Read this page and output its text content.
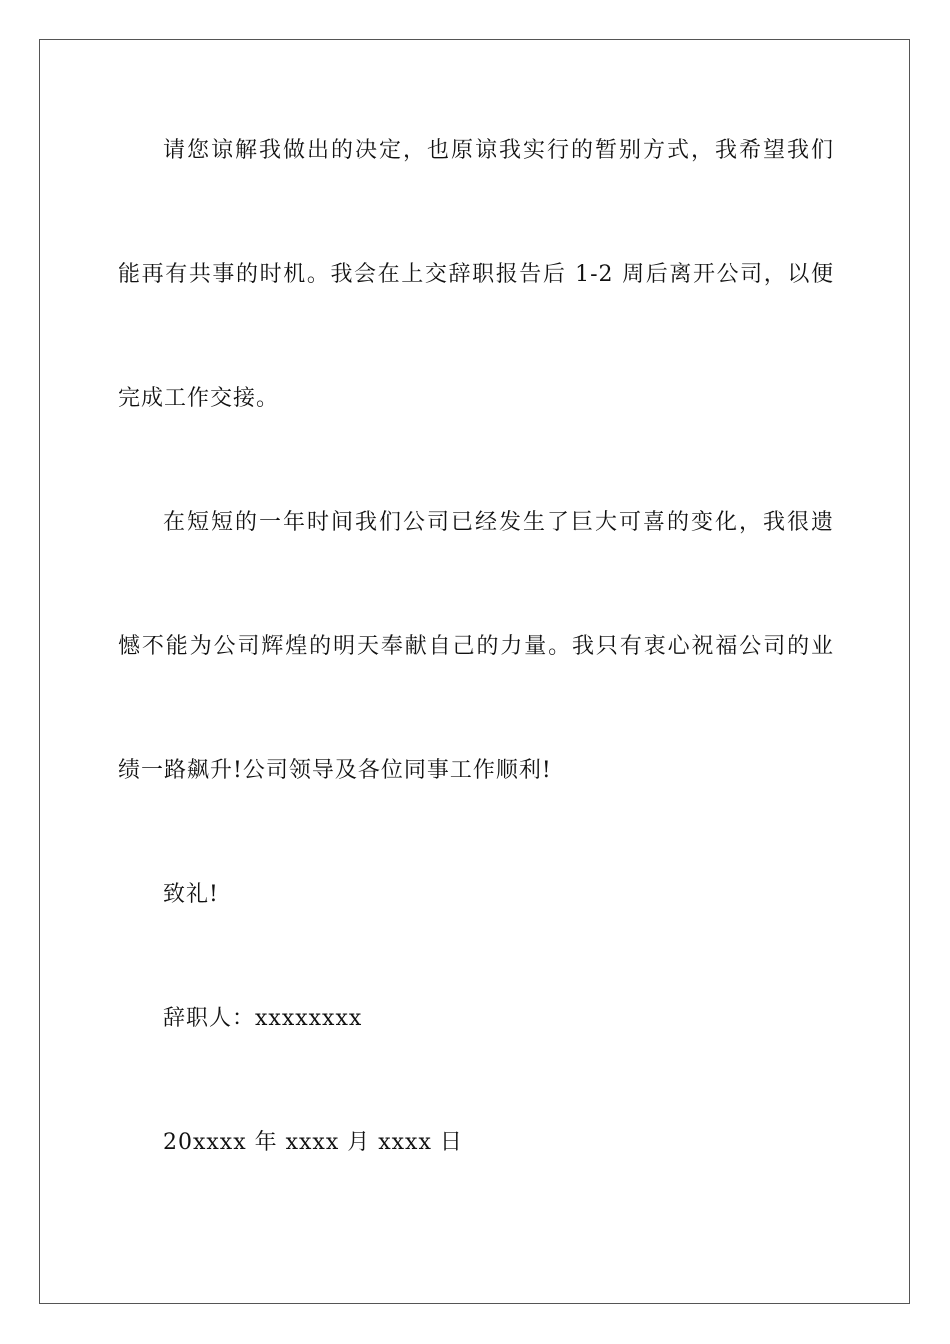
请您谅解我做出的决定，也原谅我实行的暂别方式，我希望我们
能再有共事的时机。我会在上交辞职报告后 1-2 周后离开公司，以便
完成工作交接。
在短短的一年时间我们公司已经发生了巨大可喜的变化，我很遗
憾不能为公司辉煌的明天奉献自己的力量。我只有衷心祝福公司的业
绩一路飙升!公司领导及各位同事工作顺利!
致礼!
辞职人：xxxxxxxx
20xxxx 年 xxxx 月 xxxx 日
